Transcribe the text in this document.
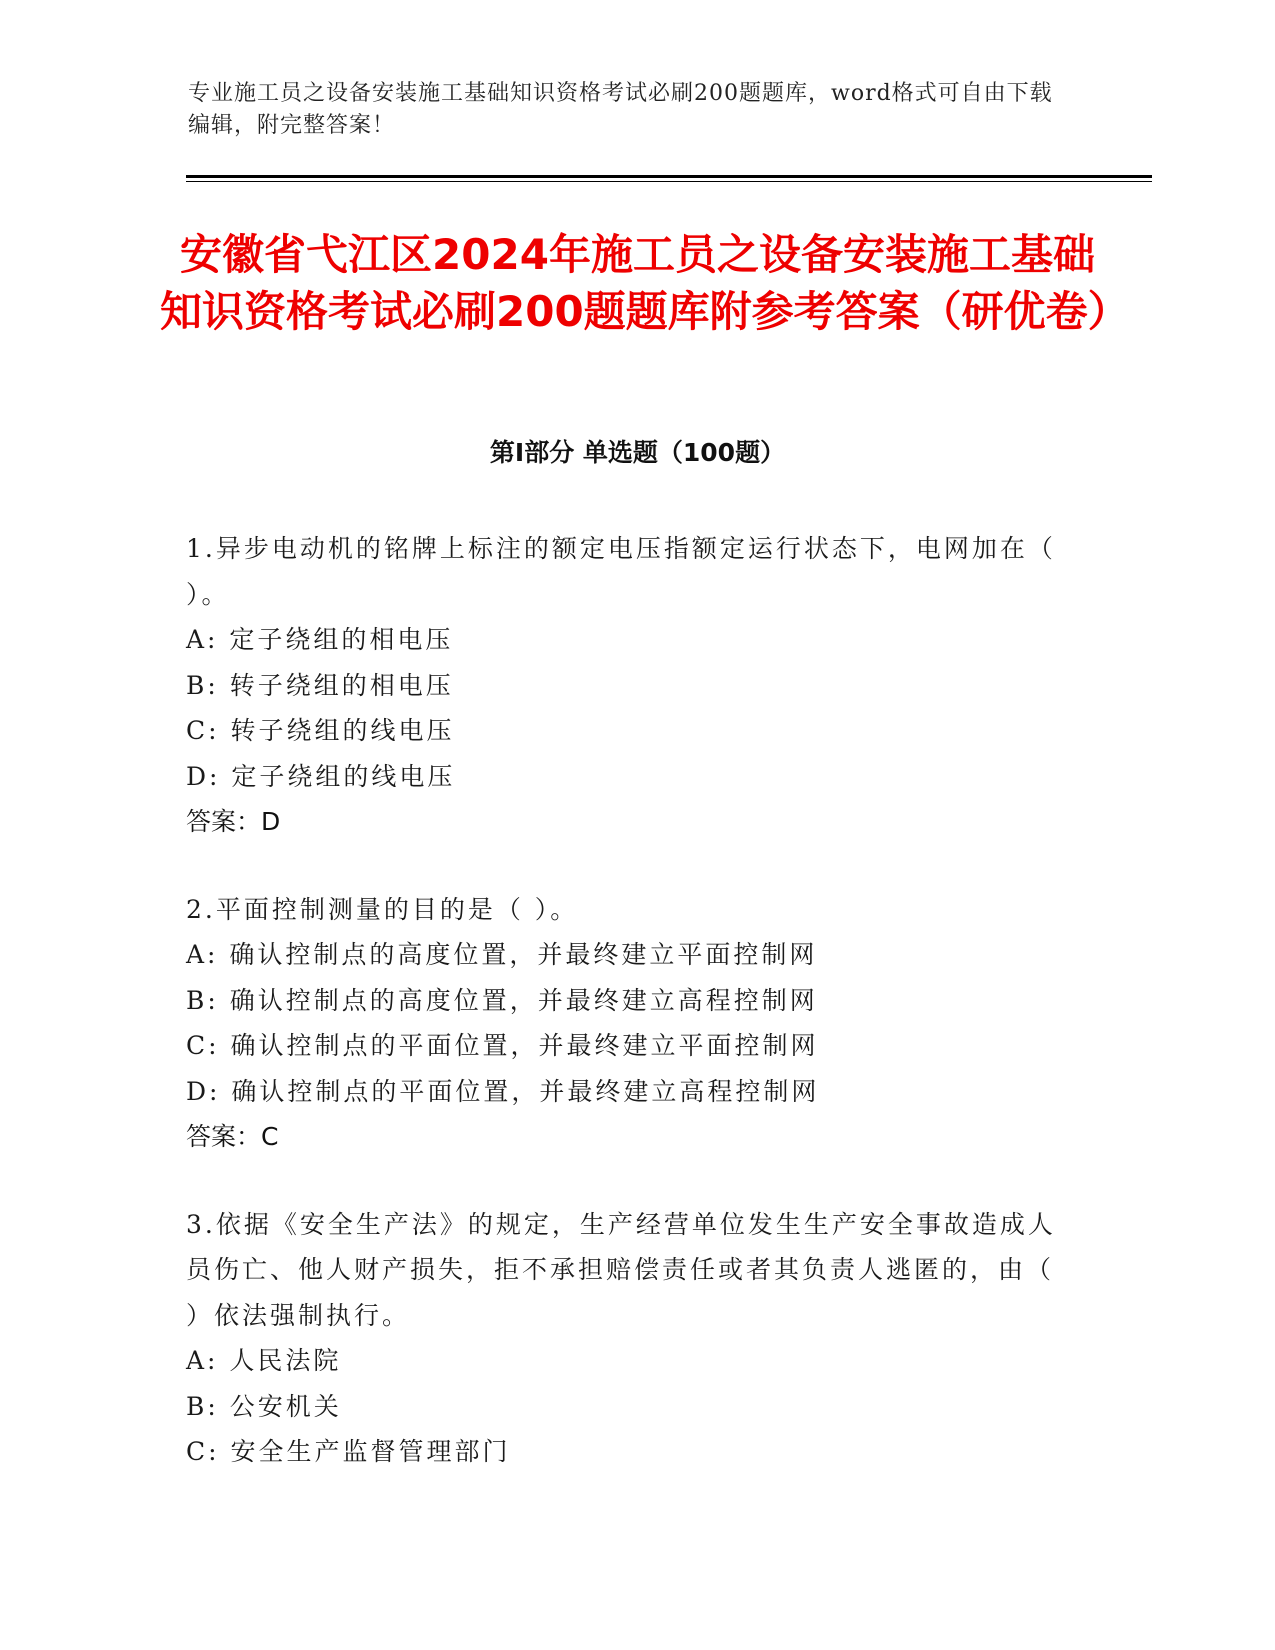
专业施工员之设备安装施工基础知识资格考试必刷200题题库，word格式可自由下载编辑，附完整答案！
安徽省弋江区2024年施工员之设备安装施工基础知识资格考试必刷200题题库附参考答案（研优卷）
第I部分 单选题（100题）

1.异步电动机的铭牌上标注的额定电压指额定运行状态下，电网加在（ ）。

A: 定子绕组的相电压

B: 转子绕组的相电压

C: 转子绕组的线电压

D: 定子绕组的线电压

答案：D

2.平面控制测量的目的是（ ）。

A: 确认控制点的高度位置，并最终建立平面控制网

B: 确认控制点的高度位置，并最终建立高程控制网

C: 确认控制点的平面位置，并最终建立平面控制网

D: 确认控制点的平面位置，并最终建立高程控制网

答案：C

3.依据《安全生产法》的规定，生产经营单位发生生产安全事故造成人员伤亡、他人财产损失，拒不承担赔偿责任或者其负责人逃匿的，由（ ）依法强制执行。

A: 人民法院

B: 公安机关

C: 安全生产监督管理部门
